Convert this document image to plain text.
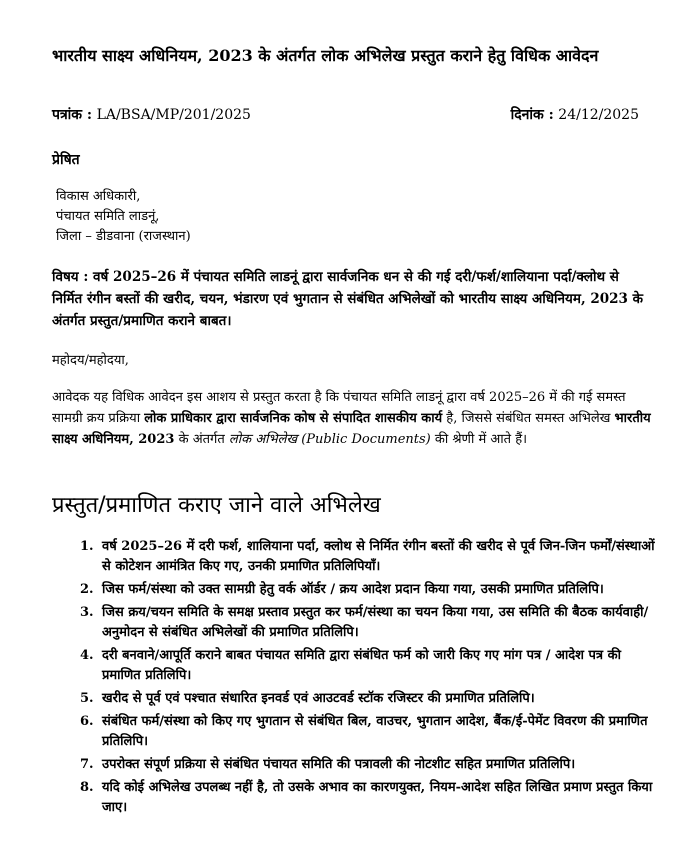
भारतीय साक्ष्य अधिनियम, 2023 के अंतर्गत लोक अभिलेख प्रस्तुत कराने हेतु विधिक आवेदन
पत्रांक : LA/BSA/MP/201/2025	दिनांक : 24/12/2025
प्रेषित
विकास अधिकारी,
पंचायत समिति लाडनूं,
जिला – डीडवाना (राजस्थान)
विषय : वर्ष 2025–26 में पंचायत समिति लाडनूं द्वारा सार्वजनिक धन से की गई दरी/फर्श/शालियाना पर्दा/क्लोथ से निर्मित रंगीन बस्तों की खरीद, चयन, भंडारण एवं भुगतान से संबंधित अभिलेखों को भारतीय साक्ष्य अधिनियम, 2023 के अंतर्गत प्रस्तुत/प्रमाणित कराने बाबत।
महोदय/महोदया,
आवेदक यह विधिक आवेदन इस आशय से प्रस्तुत करता है कि पंचायत समिति लाडनूं द्वारा वर्ष 2025–26 में की गई समस्त सामग्री क्रय प्रक्रिया लोक प्राधिकार द्वारा सार्वजनिक कोष से संपादित शासकीय कार्य है, जिससे संबंधित समस्त अभिलेख भारतीय साक्ष्य अधिनियम, 2023 के अंतर्गत लोक अभिलेख (Public Documents) की श्रेणी में आते हैं।
प्रस्तुत/प्रमाणित कराए जाने वाले अभिलेख
1. वर्ष 2025–26 में दरी फर्श, शालियाना पर्दा, क्लोथ से निर्मित रंगीन बस्तों की खरीद से पूर्व जिन-जिन फर्मों/संस्थाओं से कोटेशन आमंत्रित किए गए, उनकी प्रमाणित प्रतिलिपियाँ।
2. जिस फर्म/संस्था को उक्त सामग्री हेतु वर्क ऑर्डर / क्रय आदेश प्रदान किया गया, उसकी प्रमाणित प्रतिलिपि।
3. जिस क्रय/चयन समिति के समक्ष प्रस्ताव प्रस्तुत कर फर्म/संस्था का चयन किया गया, उस समिति की बैठक कार्यवाही/अनुमोदन से संबंधित अभिलेखों की प्रमाणित प्रतिलिपि।
4. दरी बनवाने/आपूर्ति कराने बाबत पंचायत समिति द्वारा संबंधित फर्म को जारी किए गए मांग पत्र / आदेश पत्र की प्रमाणित प्रतिलिपि।
5. खरीद से पूर्व एवं पश्चात संधारित इनवर्ड एवं आउटवर्ड स्टॉक रजिस्टर की प्रमाणित प्रतिलिपि।
6. संबंधित फर्म/संस्था को किए गए भुगतान से संबंधित बिल, वाउचर, भुगतान आदेश, बैंक/ई-पेमेंट विवरण की प्रमाणित प्रतिलिपि।
7. उपरोक्त संपूर्ण प्रक्रिया से संबंधित पंचायत समिति की पत्रावली की नोटशीट सहित प्रमाणित प्रतिलिपि।
8. यदि कोई अभिलेख उपलब्ध नहीं है, तो उसके अभाव का कारणयुक्त, नियम-आदेश सहित लिखित प्रमाण प्रस्तुत किया जाए।
